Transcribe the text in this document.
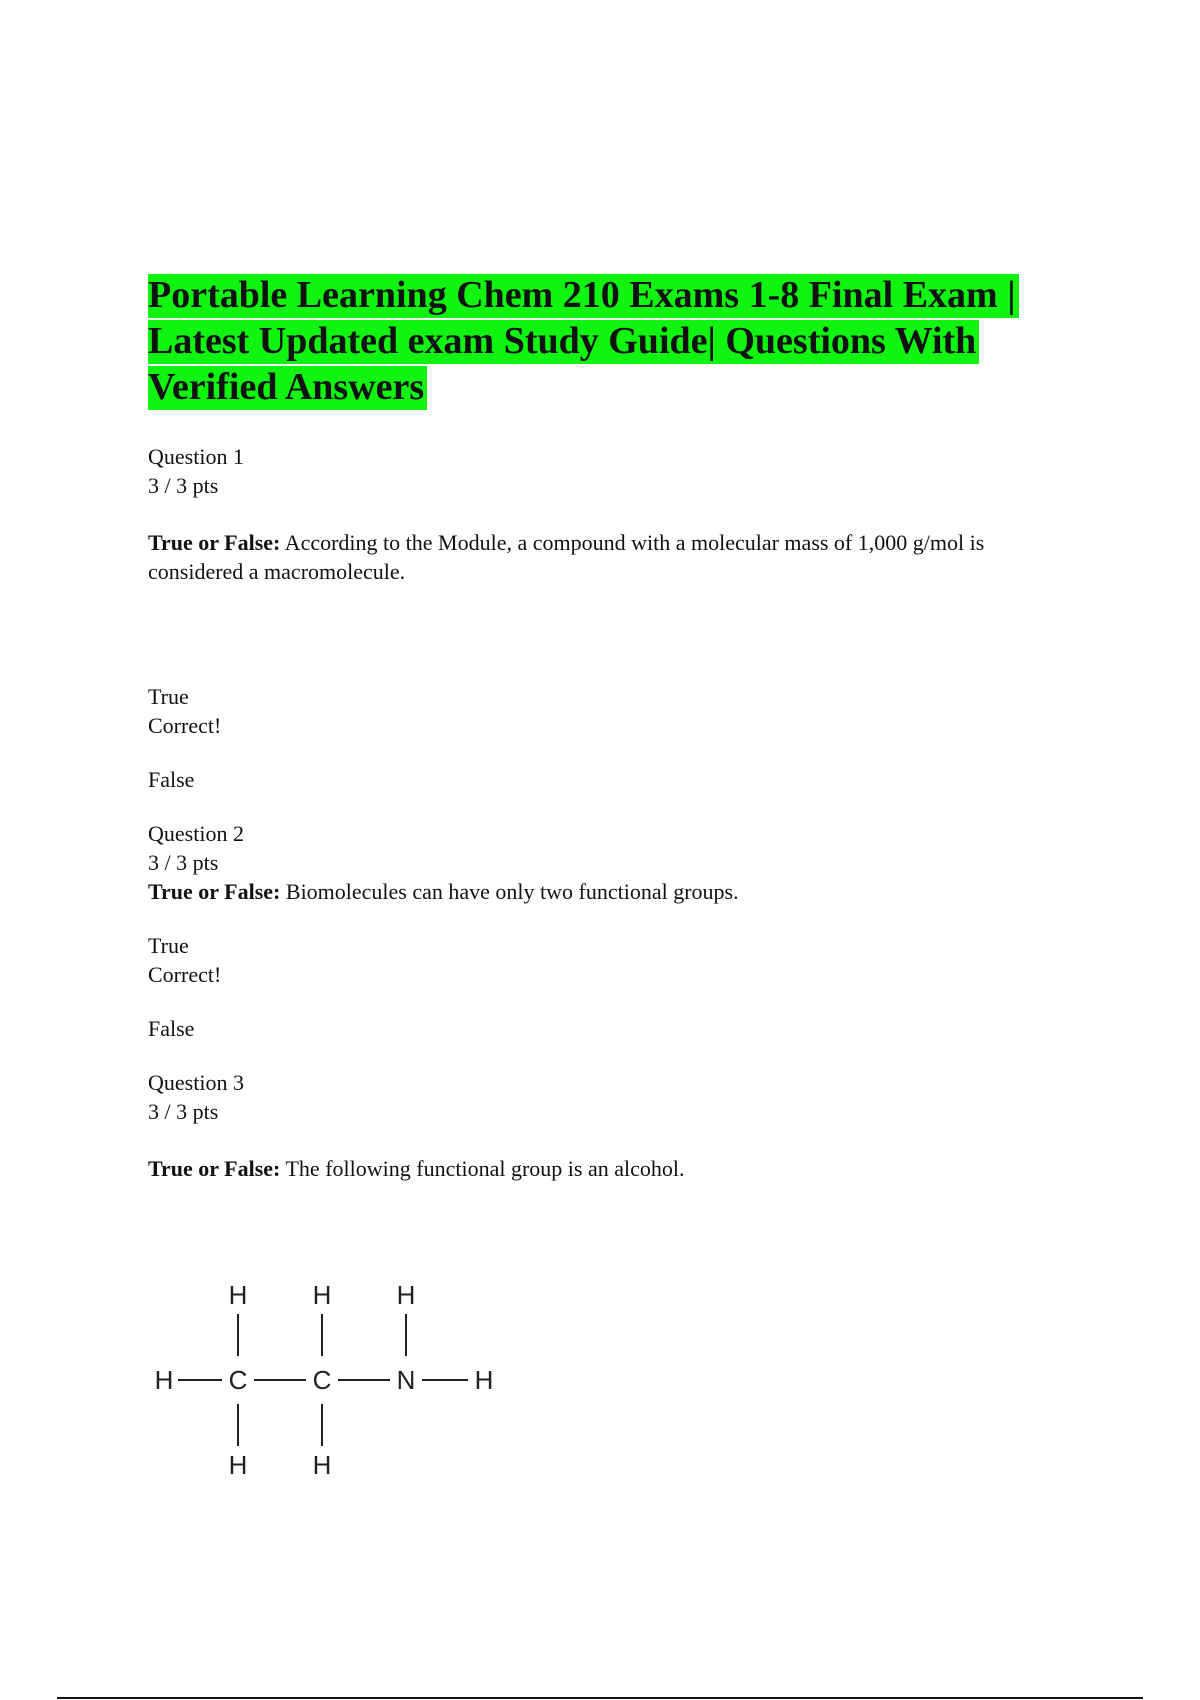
Portable Learning Chem 210 Exams 1-8 Final Exam |
Latest Updated exam Study Guide| Questions With
Verified Answers
Question 1
3 / 3 pts
True or False: According to the Module, a compound with a molecular mass of 1,000 g/mol is considered a macromolecule.
True
Correct!
False
Question 2
3 / 3 pts
True or False: Biomolecules can have only two functional groups.
True
Correct!
False
Question 3
3 / 3 pts
True or False: The following functional group is an alcohol.
H	H	H
H C	C	N H
H	H
